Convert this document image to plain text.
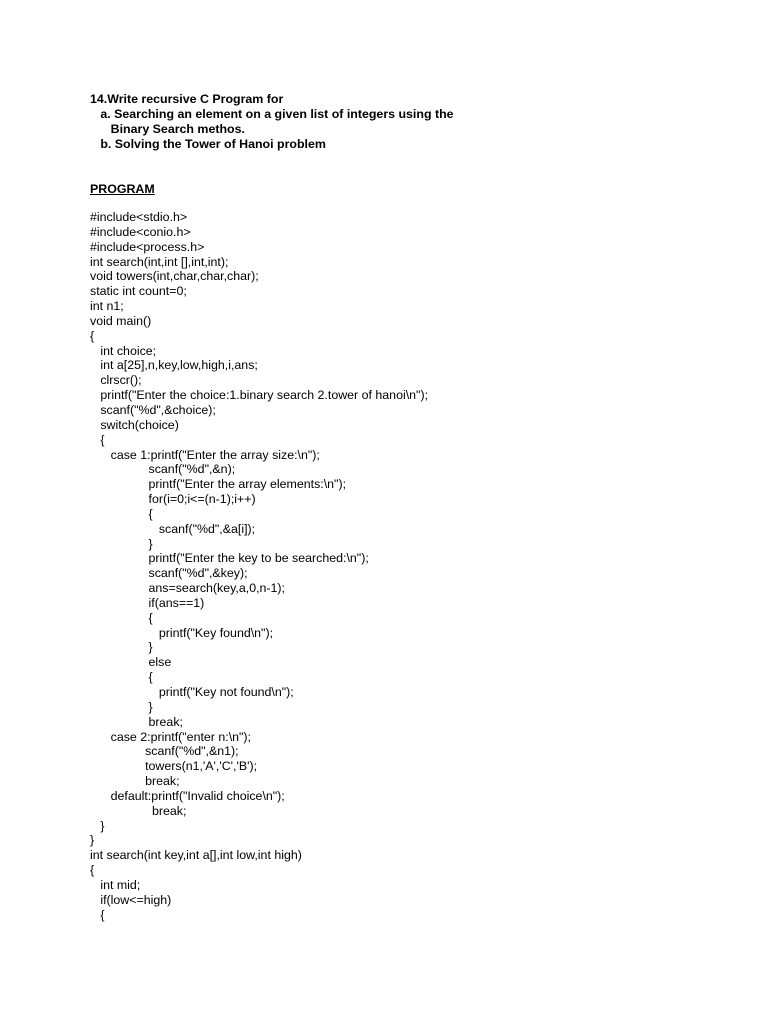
14.Write recursive C Program for
a. Searching an element on a given list of integers using the
Binary Search methos.
b. Solving the Tower of Hanoi problem
PROGRAM
#include<stdio.h>
#include<conio.h>
#include<process.h>
int search(int,int [],int,int);
void towers(int,char,char,char);
static int count=0;
int n1;
void main()
{
int choice;
int a[25],n,key,low,high,i,ans;
clrscr();
printf("Enter the choice:1.binary search 2.tower of hanoi\n");
scanf("%d",&choice);
switch(choice)
{
case 1:printf("Enter the array size:\n");
scanf("%d",&n);
printf("Enter the array elements:\n");
for(i=0;i<=(n-1);i++)
{
scanf("%d",&a[i]);
}
printf("Enter the key to be searched:\n");
scanf("%d",&key);
ans=search(key,a,0,n-1);
if(ans==1)
{
printf("Key found\n");
}
else
{
printf("Key not found\n");
}
break;
case 2:printf("enter n:\n");
scanf("%d",&n1);
towers(n1,'A','C','B');
break;
default:printf("Invalid choice\n");
break;
}
}
int search(int key,int a[],int low,int high)
{
int mid;
if(low<=high)
{
